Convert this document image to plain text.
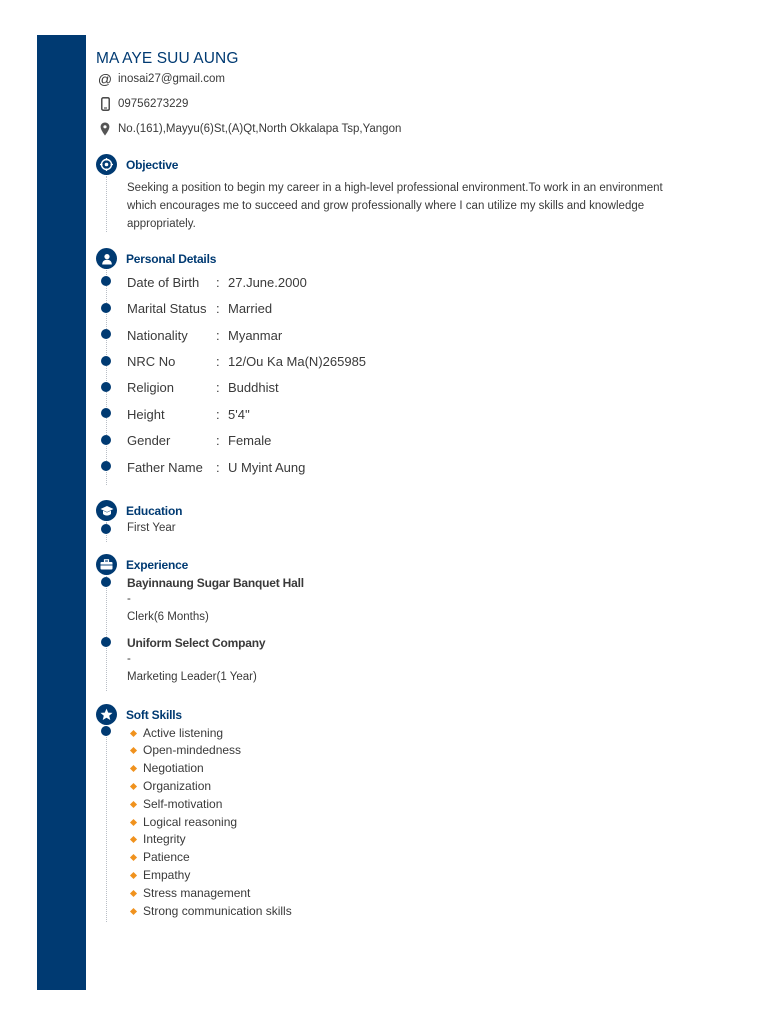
MA AYE SUU AUNG
@ inosai27@gmail.com
09756273229
No.(161),Mayyu(6)St,(A)Qt,North Okkalapa Tsp,Yangon
Objective
Seeking a position to begin my career in a high-level professional environment.To work in an environment
which encourages me to succeed and grow professionally where I can utilize my skills and knowledge
appropriately.
Personal Details
Date of Birth	: 27.June.2000
Marital Status : Married
Nationality	: Myanmar
NRC No	: 12/Ou Ka Ma(N)265985
Religion	: Buddhist
Height	: 5'4''
Gender	: Female
Father Name	: U Myint Aung
Education
First Year
Experience
Bayinnaung Sugar Banquet Hall
-
Clerk(6 Months)
Uniform Select Company
-
Marketing Leader(1 Year)
Soft Skills
Active listening
Open-mindedness
Negotiation
Organization
Self-motivation
Logical reasoning
Integrity
Patience
Empathy
Stress management
Strong communication skills
